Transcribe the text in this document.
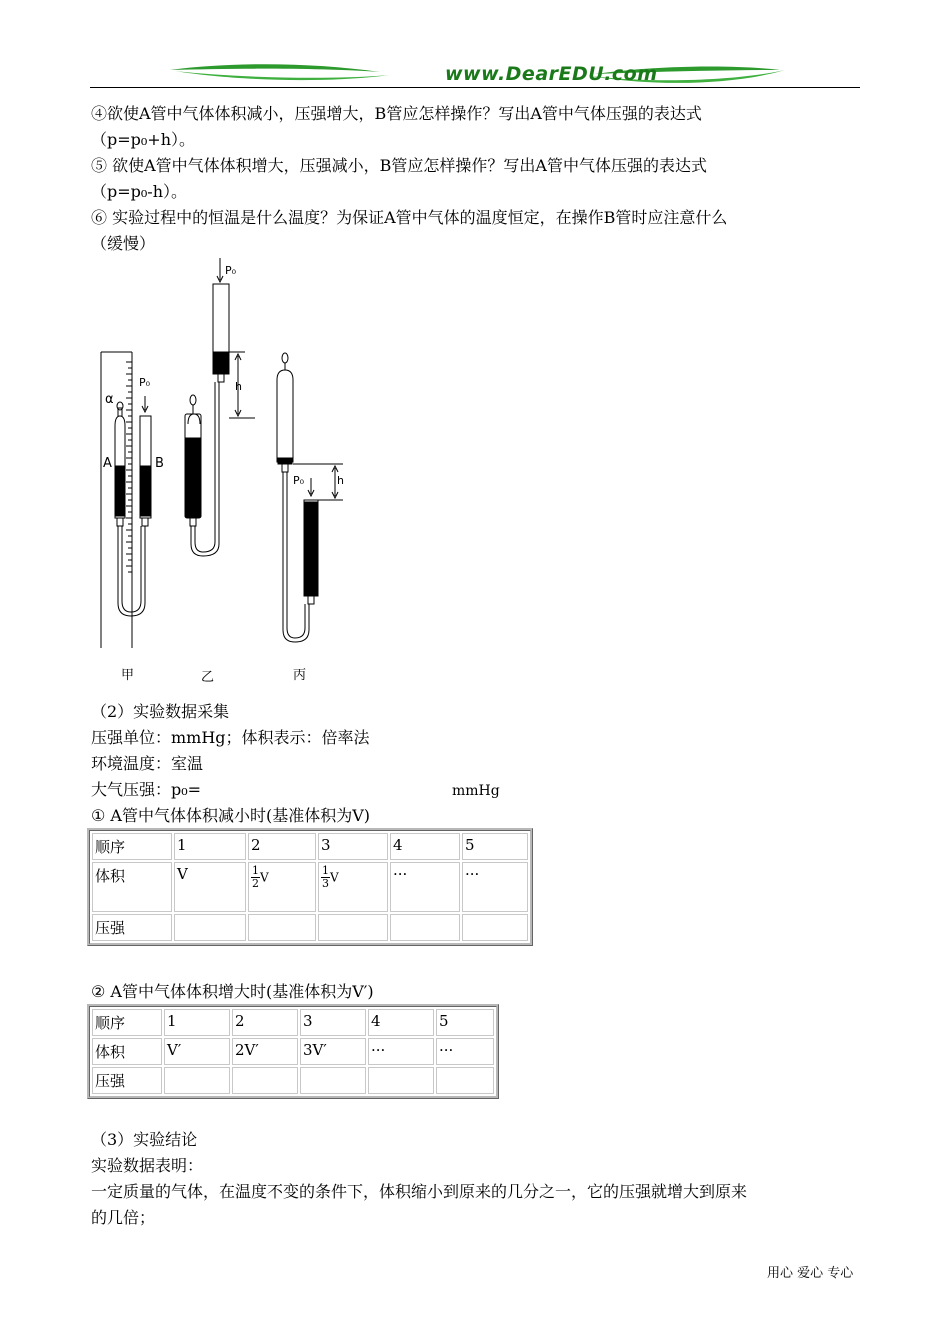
www.DearEDU.com
④欲使A管中气体体积减小，压强增大，B管应怎样操作？写出A管中气体压强的表达式
（p=p₀+h）。
⑤ 欲使A管中气体体积增大，压强减小，B管应怎样操作？写出A管中气体压强的表达式
（p=p₀-h）。
⑥ 实验过程中的恒温是什么温度？为保证A管中气体的温度恒定，在操作B管时应注意什么
（缓慢）
A	B
α
P₀
P₀
h
P₀	h
甲	乙	丙
（2）实验数据采集
压强单位：mmHg；体积表示：倍率法
环境温度：室温
大气压强：p₀=	mmHg
① A管中气体体积减小时(基准体积为V)
顺序	1	2	3	4	5
体积	V	$\frac{1}{2}$ V	$\frac{1}{3}$ V	···	···
压强					
② A管中气体体积增大时(基准体积为V′)
顺序	1	2	3	4	5
体积	V′	2V′	3V′	···	···
压强					
（3）实验结论
实验数据表明：
一定质量的气体，在温度不变的条件下，体积缩小到原来的几分之一，它的压强就增大到原来
的几倍；
用心 爱心 专心
